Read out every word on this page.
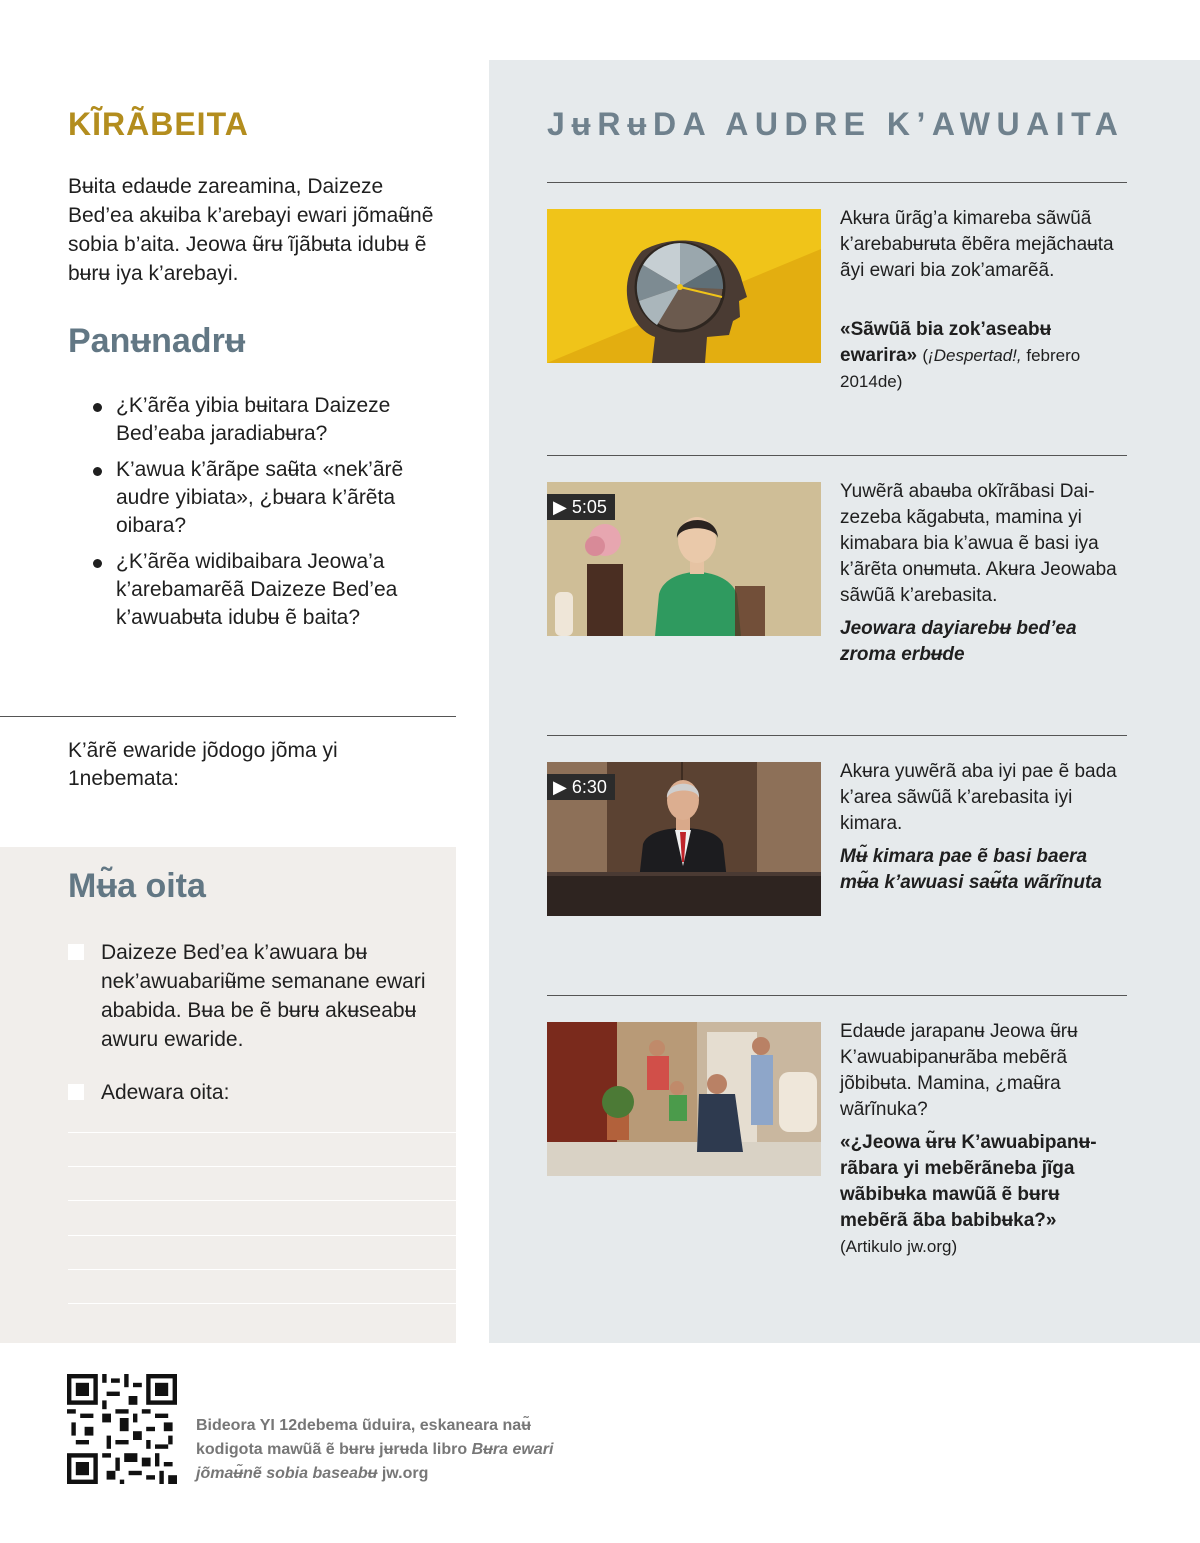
KĨRÃBEITA

Bʉita edaʉde zareamina, Daizeze Bed’ea akʉiba k’arebayi ewari jõmaʉ̃nẽ sobia b’aita. Jeowa ʉ̃rʉ ĩjãbʉta idubʉ ẽ bʉrʉ iya k’arebayi.

Panʉnadrʉ
¿K’ãrẽa yibia bʉitara Daizeze Bed’eaba jaradiabʉra?
K’awua k’ãrãpe saʉ̃ta «nek’ãrẽ audre yibiata», ¿bʉara k’ãrẽta oibara?
¿K’ãrẽa widibaibara Jeowa’a k’arebamarẽã Daizeze Bed’ea k’awuabʉta idubʉ ẽ baita?

K’ãrẽ ewaride jõdogo jõma yi 1nebemata:

Mʉ̃a oita
Daizeze Bed’ea k’awuara bʉ nek’awuabariʉ̃me semanane ewari ababida. Bʉa be ẽ bʉrʉ akʉseabʉ awuru ewaride.
Adewara oita:
JʉRʉDA AUDRE K’AWUAITA

Akʉra ũrãg’a kimareba sãwũã k’arebabʉrʉta ẽbẽra mejãchaʉta ãyi ewari bia zok’amarẽã.

«Sãwũã bia zok’aseabʉ ewarira» (¡Despertad!, febrero 2014de)

▶ 5:05

Yuwẽrã abaʉba okĩrãbasi Daizezeba kãgabʉta, mamina yi kimabara bia k’awua ẽ basi iya k’ãrẽta onʉmʉta. Akʉra Jeowaba sãwũã k’arebasita.

Jeowara dayiarebʉ bed’ea zroma erbʉde

▶ 6:30

Akʉra yuwẽrã aba iyi pae ẽ bada k’area sãwũã k’arebasita iyi kimara.

Mʉ̃ kimara pae ẽ basi baera mʉ̃a k’awuasi saʉ̃ta wãrĩnuta

Edaʉde jarapanʉ Jeowa ʉ̃rʉ K’awuabipanʉrãba mebẽrã jõbibʉta. Mamina, ¿maʉ̃ra wãrĩnuka?

«¿Jeowa ʉ̃rʉ K’awuabipanʉrãbara yi mebẽrãneba jĩga wãbibʉka mawũã ẽ bʉrʉ mebẽrã ãba babibʉka?»
(Artikulo jw.org)

Bideora YI 12debema ũduira, eskaneara naʉ̃ kodigota mawũã ẽ bʉrʉ jʉrʉda libro Bʉra ewari jõmaʉ̃nẽ sobia baseabʉ jw.org
